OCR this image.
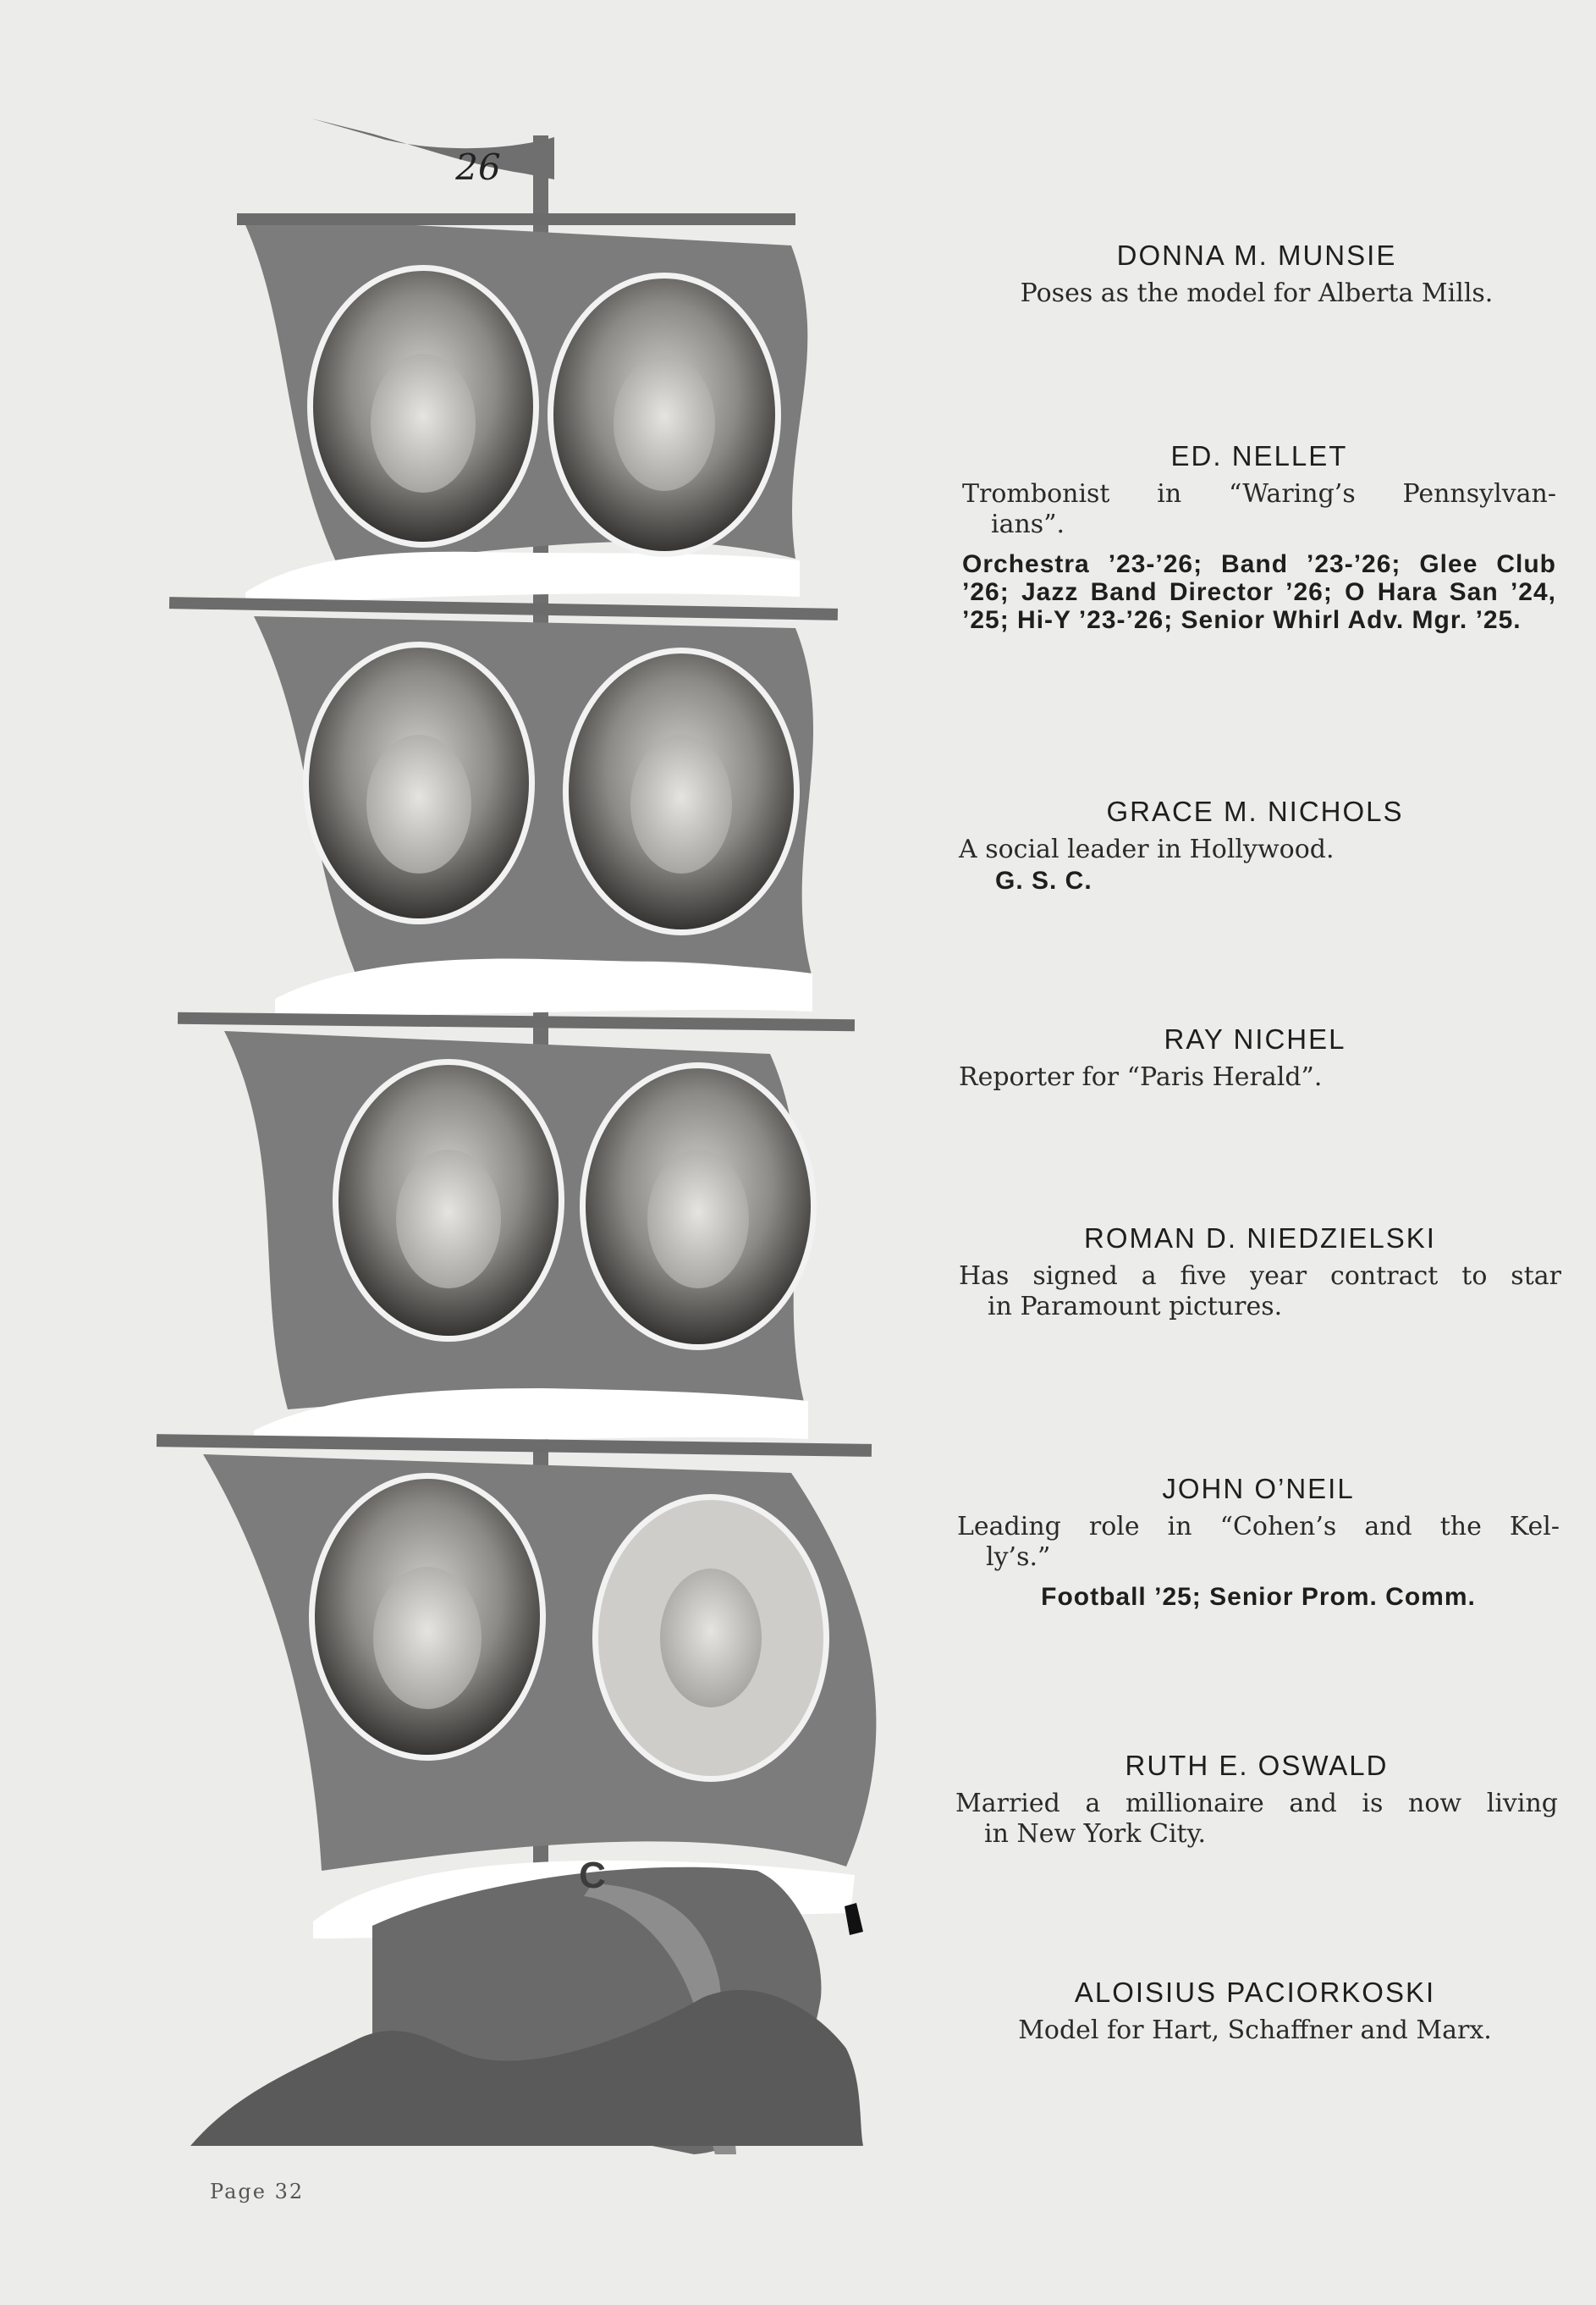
C
26
DONNA M. MUNSIE
Poses as the model for Alberta Mills.
ED. NELLET
Trombonist in “Waring’s Pennsylvan-
ians”.
Orchestra ’23-’26; Band ’23-’26; Glee Club ’26; Jazz Band Director ’26; O Hara San ’24, ’25; Hi-Y ’23-’26; Senior Whirl Adv. Mgr. ’25.
GRACE M. NICHOLS
A social leader in Hollywood.
G. S. C.
RAY NICHEL
Reporter for “Paris Herald”.
ROMAN D. NIEDZIELSKI
Has signed a five year contract to star
in Paramount pictures.
JOHN O’NEIL
Leading role in “Cohen’s and the Kel-
ly’s.”
Football ’25; Senior Prom. Comm.
RUTH E. OSWALD
Married a millionaire and is now living
in New York City.
ALOISIUS PACIORKOSKI
Model for Hart, Schaffner and Marx.
Page 32
